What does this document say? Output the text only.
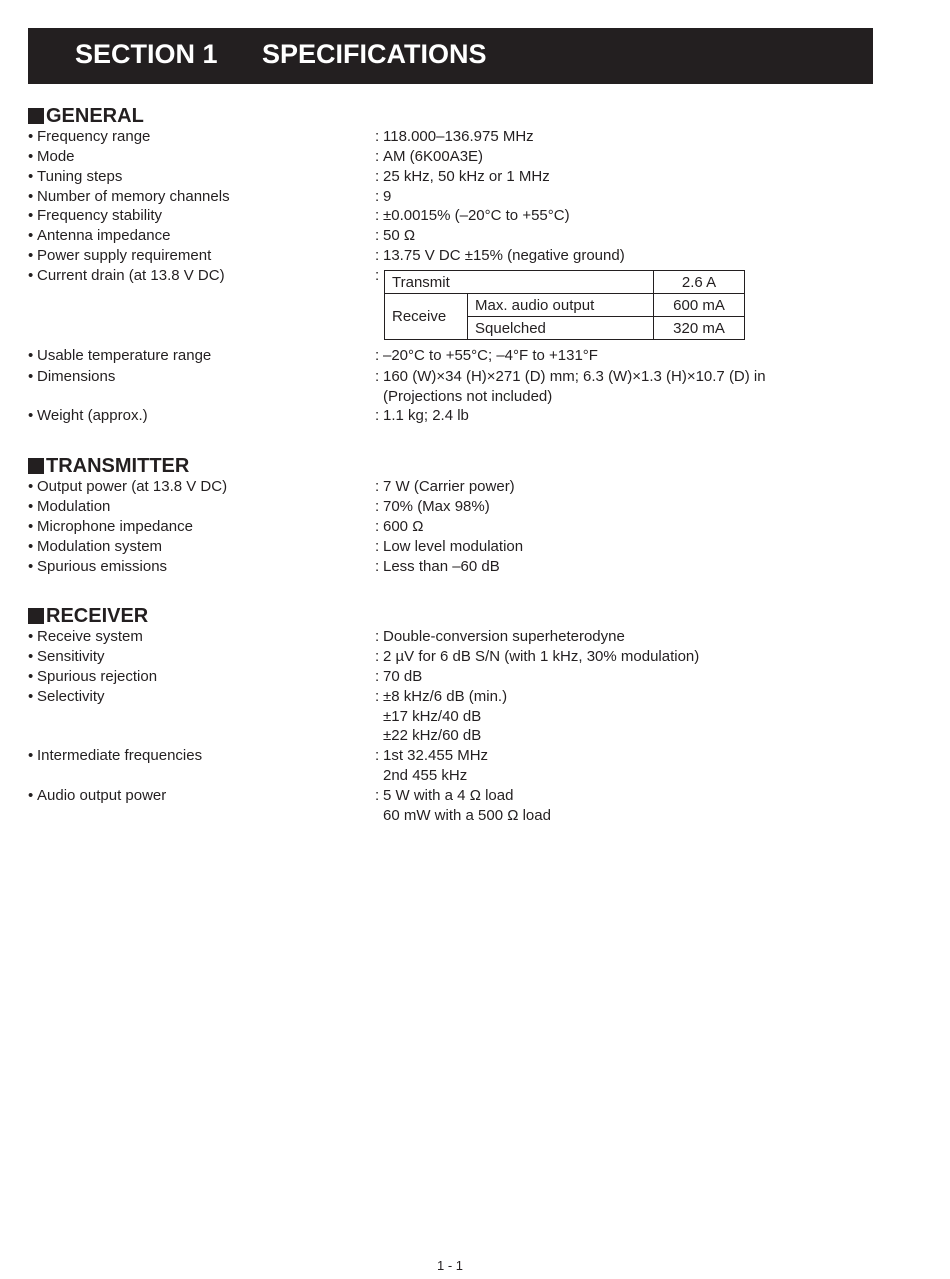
SECTION 1 SPECIFICATIONS
GENERAL
• Frequency range	: 118.000–136.975 MHz
• Mode	: AM (6K00A3E)
• Tuning steps	: 25 kHz, 50 kHz or 1 MHz
• Number of memory channels	: 9
• Frequency stability	: ±0.0015% (–20°C to +55°C)
• Antenna impedance	: 50 Ω
• Power supply requirement	: 13.75 V DC ±15% (negative ground)
• Current drain (at 13.8 V DC)	: Transmit		2.6 A
Receive	Max. audio output	600 mA
	Squelched	320 mA
• Usable temperature range	: –20°C to +55°C; –4°F to +131°F
• Dimensions	: 160 (W)×34 (H)×271 (D) mm; 6.3 (W)×1.3 (H)×10.7 (D) in
(Projections not included)
• Weight (approx.)	: 1.1 kg; 2.4 lb
TRANSMITTER
• Output power (at 13.8 V DC)	: 7 W (Carrier power)
• Modulation	: 70% (Max 98%)
• Microphone impedance	: 600 Ω
• Modulation system	: Low level modulation
• Spurious emissions	: Less than –60 dB
RECEIVER
• Receive system	: Double-conversion superheterodyne
• Sensitivity	: 2 µV for 6 dB S/N (with 1 kHz, 30% modulation)
• Spurious rejection	: 70 dB
• Selectivity	: ±8 kHz/6 dB (min.)
±17 kHz/40 dB
±22 kHz/60 dB
• Intermediate frequencies	: 1st 32.455 MHz
2nd 455 kHz
• Audio output power	: 5 W with a 4 Ω load
60 mW with a 500 Ω load
1 - 1
